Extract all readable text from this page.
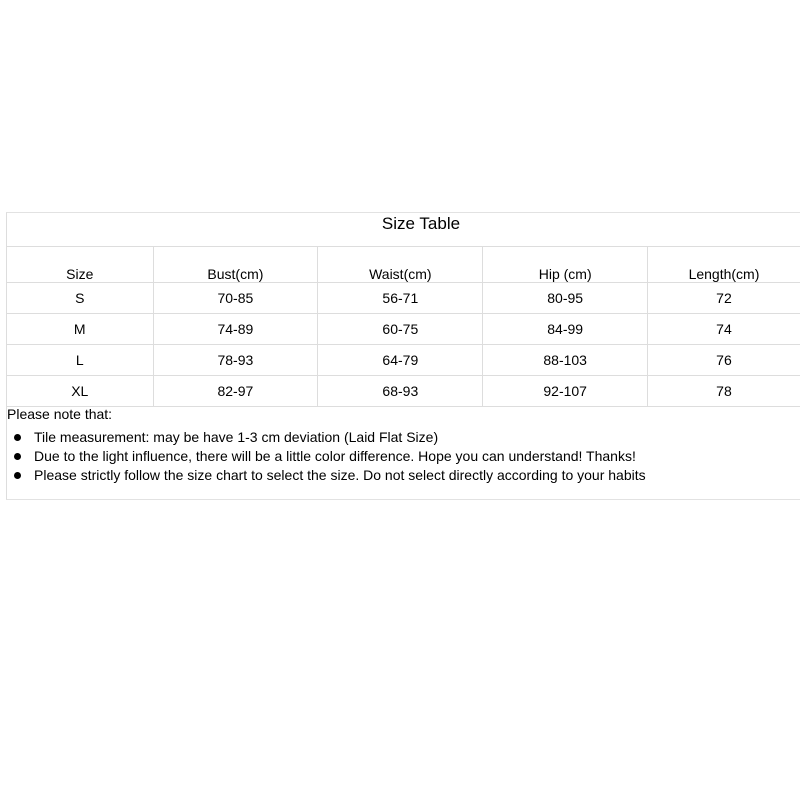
Size Table
Size	Bust(cm)	Waist(cm)	Hip (cm)	Length(cm)
S	70-85	56-71	80-95	72
M	74-89	60-75	84-99	74
L	78-93	64-79	88-103	76
XL	82-97	68-93	92-107	78
Please note that:
Tile measurement: may be have 1-3 cm deviation (Laid Flat Size)
Due to the light influence, there will be a little color difference. Hope you can understand! Thanks!
Please strictly follow the size chart to select the size. Do not select directly according to your habits
